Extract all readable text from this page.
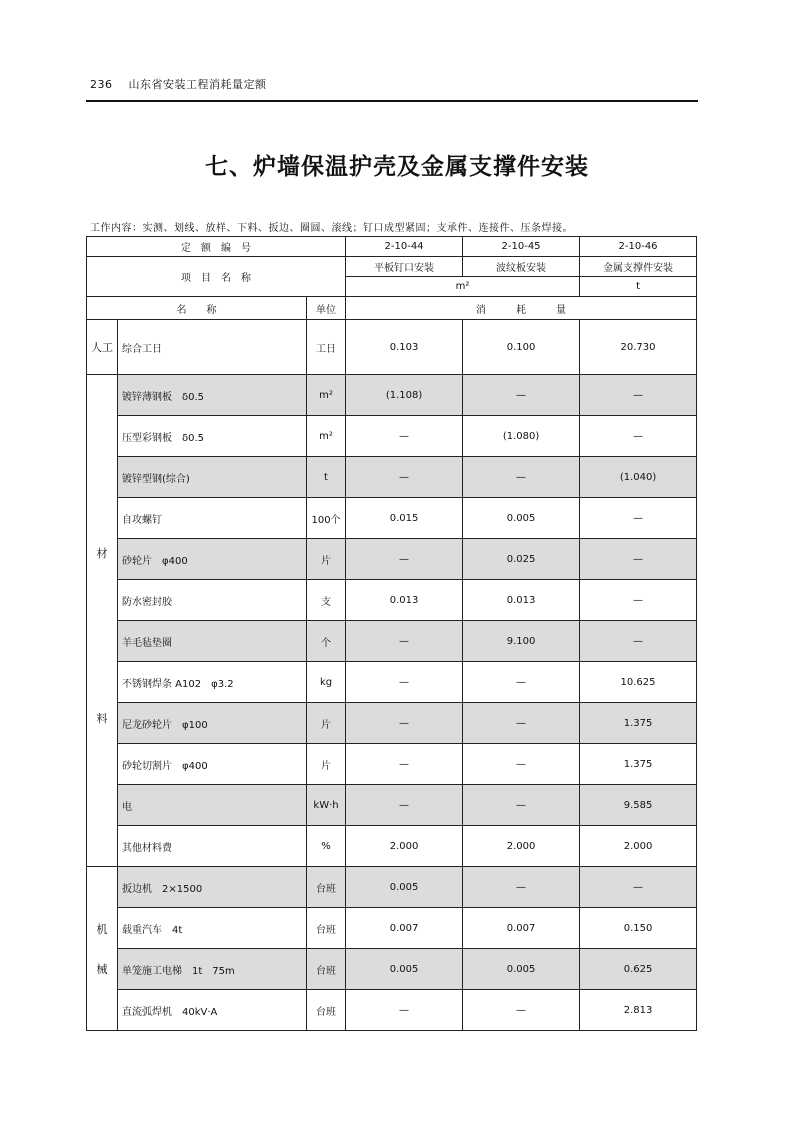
236 山东省安装工程消耗量定额
七、炉墙保温护壳及金属支撑件安装
工作内容：实测、划线、放样、下料、扳边、圈圆、滚线；钉口成型紧固；支承件、连接件、压条焊接。
定　额　编　号			2-10-44	2-10-45	2-10-46
项　目　名　称			平板钉口安装	波纹板安装	金属支撑件安装
			m²		t
名　　称		单位	消　　　耗　　　量		
人工	综合工日	工日	0.103	0.100	20.730

材
料	镀锌薄钢板　δ0.5	m²	(1.108)	—	—
	压型彩钢板　δ0.5	m²	—	(1.080)	—
	镀锌型钢(综合)	t	—	—	(1.040)
	自攻螺钉	100个	0.015	0.005	—
	砂轮片　φ400	片	—	0.025	—
	防水密封胶	支	0.013	0.013	—
	羊毛毡垫圈	个	—	9.100	—
	不锈钢焊条 A102　φ3.2	kg	—	—	10.625
	尼龙砂轮片　φ100	片	—	—	1.375
	砂轮切割片　φ400	片	—	—	1.375
	电	kW·h	—	—	9.585
	其他材料费	%	2.000	2.000	2.000

机
械	扳边机　2×1500	台班	0.005	—	—
	载重汽车　4t	台班	0.007	0.007	0.150
	单笼施工电梯　1t　75m	台班	0.005	0.005	0.625
	直流弧焊机　40kV·A	台班	—	—	2.813
